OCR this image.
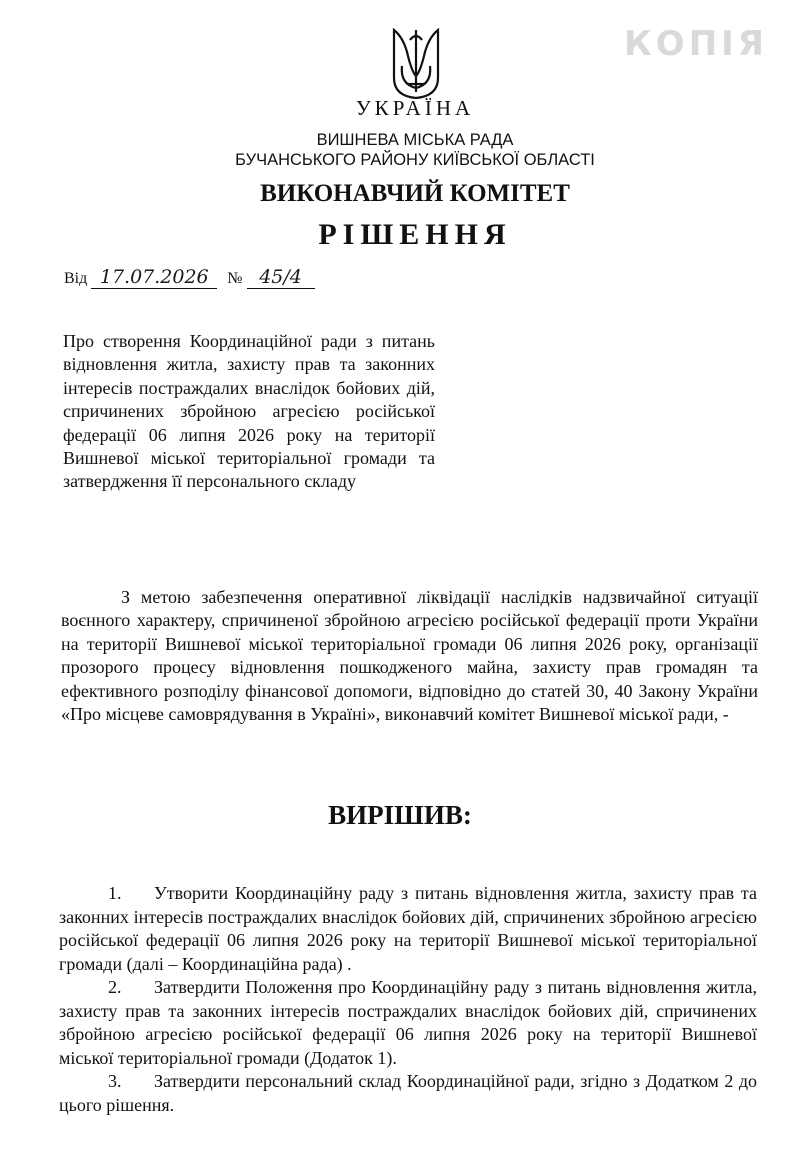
КОПІЯ
УКРАЇНА
ВИШНЕВА МІСЬКА РАДА
БУЧАНСЬКОГО РАЙОНУ КИЇВСЬКОЇ ОБЛАСТІ
ВИКОНАВЧИЙ КОМІТЕТ
РІШЕННЯ
Від 17.07.2026 № 45/4

Про створення Координаційної ради з питань відновлення житла, захисту прав та законних інтересів постраждалих внаслідок бойових дій, спричинених збройною агресією російської федерації 06 липня 2026 року на території Вишневої міської територіальної громади та затвердження її персонального складу

З метою забезпечення оперативної ліквідації наслідків надзвичайної ситуації воєнного характеру, спричиненої збройною агресією російської федерації проти України на території Вишневої міської територіальної громади 06 липня 2026 року, організації прозорого процесу відновлення пошкодженого майна, захисту прав громадян та ефективного розподілу фінансової допомоги, відповідно до статей 30, 40 Закону України «Про місцеве самоврядування в Україні», виконавчий комітет Вишневої міської ради, -

ВИРІШИВ:
1. Утворити Координаційну раду з питань відновлення житла, захисту прав та законних інтересів постраждалих внаслідок бойових дій, спричинених збройною агресією російської федерації 06 липня 2026 року на території Вишневої міської територіальної громади (далі – Координаційна рада) .
2. Затвердити Положення про Координаційну раду з питань відновлення житла, захисту прав та законних інтересів постраждалих внаслідок бойових дій, спричинених збройною агресією російської федерації 06 липня 2026 року на території Вишневої міської територіальної громади (Додаток 1).
3. Затвердити персональний склад Координаційної ради, згідно з Додатком 2 до цього рішення.
